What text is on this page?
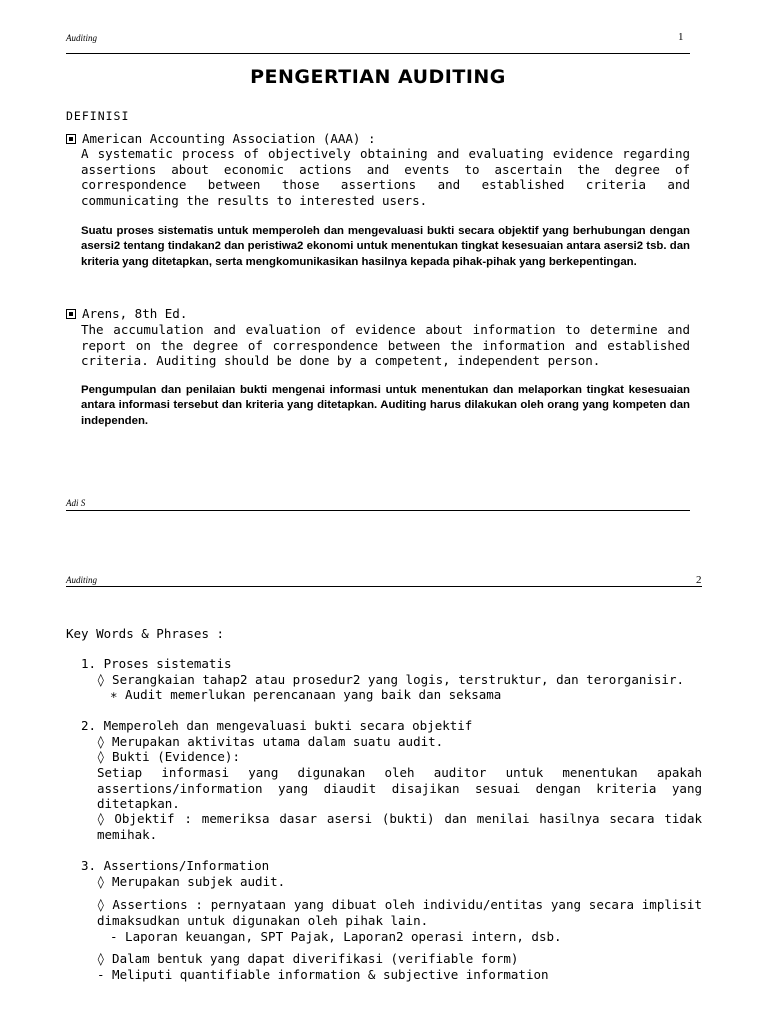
Auditing	1
PENGERTIAN AUDITING
DEFINISI
American Accounting Association (AAA) :
A systematic process of objectively obtaining and evaluating evidence regarding assertions about economic actions and events to ascertain the degree of correspondence between those assertions and established criteria and communicating the results to interested users.
Suatu proses sistematis untuk memperoleh dan mengevaluasi bukti secara objektif yang berhubungan dengan asersi2 tentang tindakan2 dan peristiwa2 ekonomi untuk menentukan tingkat kesesuaian antara asersi2 tsb. dan kriteria yang ditetapkan, serta mengkomunikasikan hasilnya kepada pihak-pihak yang berkepentingan.
Arens, 8th Ed.
The accumulation and evaluation of evidence about information to determine and report on the degree of correspondence between the information and established criteria. Auditing should be done by a competent, independent person.
Pengumpulan dan penilaian bukti mengenai informasi untuk menentukan dan melaporkan tingkat kesesuaian antara informasi tersebut dan kriteria yang ditetapkan. Auditing harus dilakukan oleh orang yang kompeten dan independen.
Adi S
Auditing	2
Key Words & Phrases :
1. Proses sistematis
◊ Serangkaian tahap2 atau prosedur2 yang logis, terstruktur, dan terorganisir.
∗ Audit memerlukan perencanaan yang baik dan seksama
2. Memperoleh dan mengevaluasi bukti secara objektif
◊ Merupakan aktivitas utama dalam suatu audit.
◊ Bukti (Evidence):
Setiap informasi yang digunakan oleh auditor untuk menentukan apakah assertions/information yang diaudit disajikan sesuai dengan kriteria yang ditetapkan.
◊ Objektif : memeriksa dasar asersi (bukti) dan menilai hasilnya secara tidak memihak.
3. Assertions/Information
◊ Merupakan subjek audit.
◊ Assertions : pernyataan yang dibuat oleh individu/entitas yang secara implisit dimaksudkan untuk digunakan oleh pihak lain.
- Laporan keuangan, SPT Pajak, Laporan2 operasi intern, dsb.
◊ Dalam bentuk yang dapat diverifikasi (verifiable form)
- Meliputi quantifiable information & subjective information
